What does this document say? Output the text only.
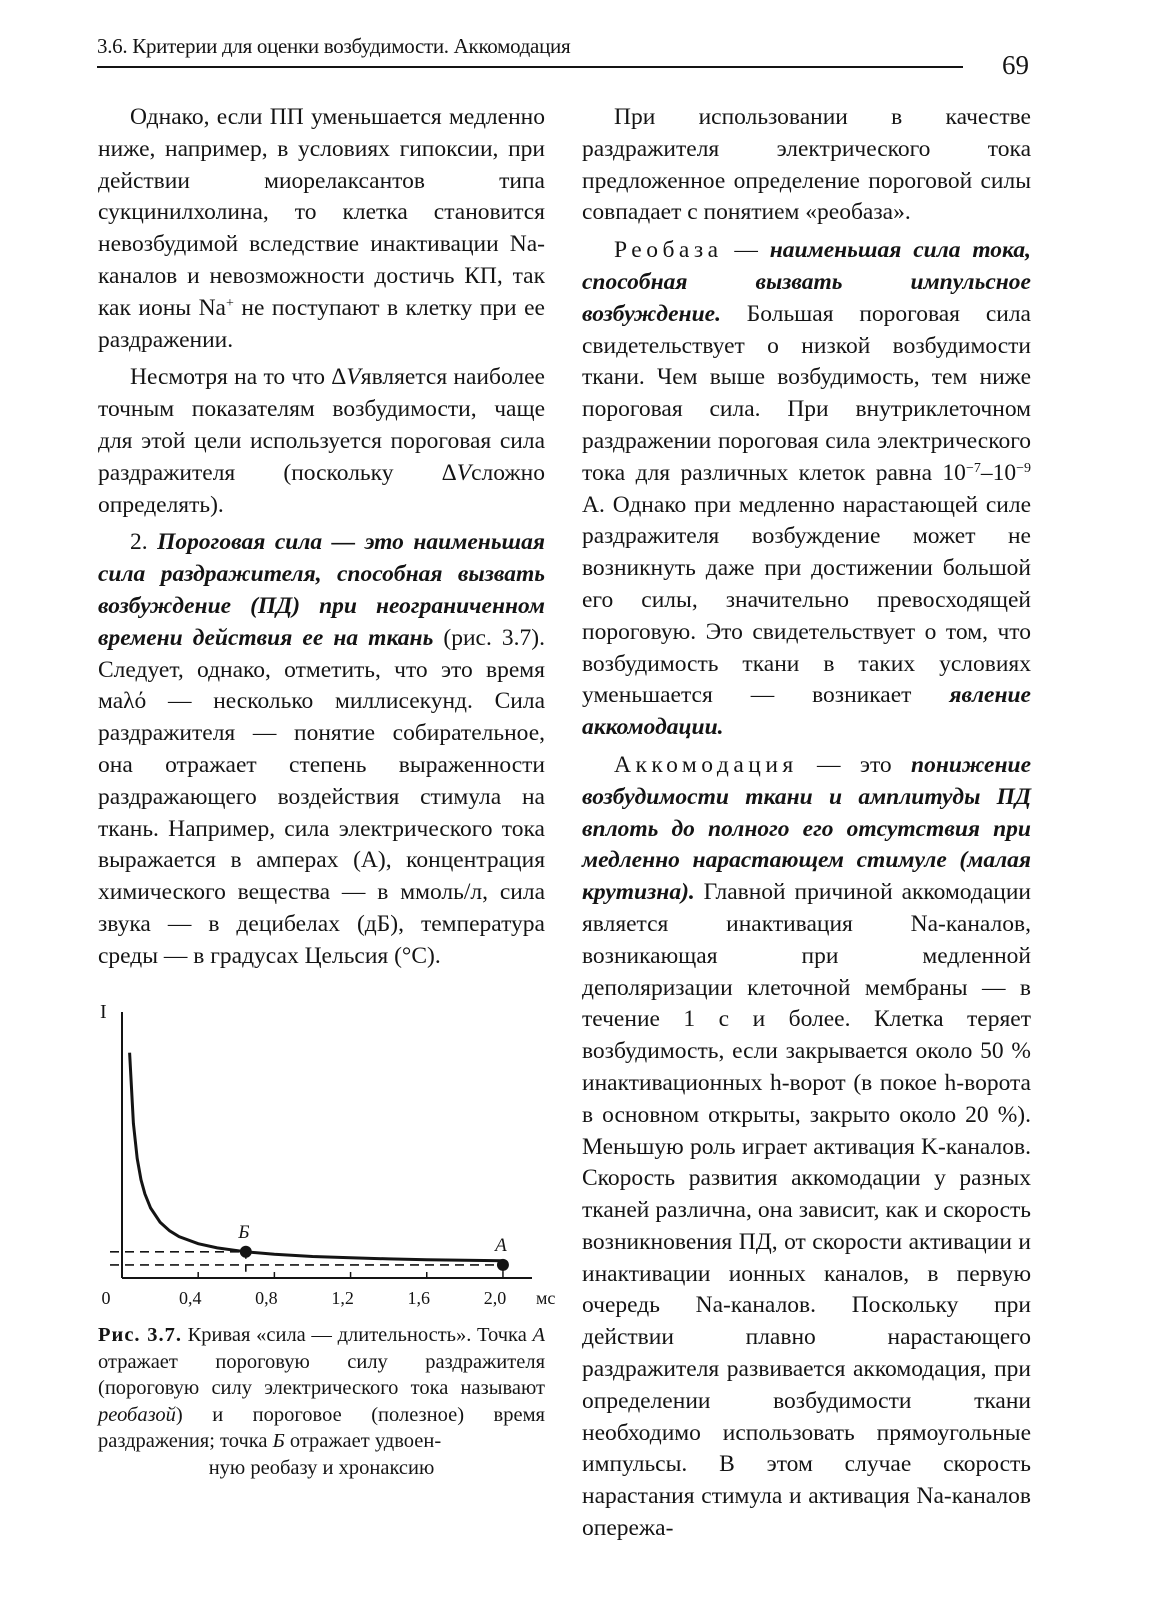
3.6. Критерии для оценки возбудимости. Аккомодация
69

Однако, если ПП уменьшается медленно ниже, например, в условиях гипоксии, при действии миорелаксантов типа сукцинилхолина, то клетка становится невозбудимой вследствие инактивации Na-каналов и невозможности достичь КП, так как ионы Na+ не поступают в клетку при ее раздражении.

Несмотря на то что ΔVявляется наиболее точным показателям возбудимости, чаще для этой цели используется пороговая сила раздражителя (поскольку ΔVсложно определять).

2. Пороговая сила — это наименьшая сила раздражителя, способная вызвать возбуждение (ПД) при неограниченном времени действия ее на ткань (рис. 3.7). Следует, однако, отметить, что это время маλό — несколько миллисекунд. Сила раздражителя — понятие собирательное, она отражает степень выраженности раздражающего воздействия стимула на ткань. Например, сила электрического тока выражается в амперах (А), концентрация химического вещества — в ммоль/л, сила звука — в децибелах (дБ), температура среды — в градусах Цельсия (°С).

I
мс
0	0,4	0,8	1,2	1,6	2,0
Б
А
Рис. 3.7. Кривая «сила — длительность». Точка А отражает пороговую силу раздражителя (пороговую силу электрического тока называют реобазой) и пороговое (полезное) время раздражения; точка Б отражает удвоен-
ную реобазу и хронаксию

При использовании в качестве раздражителя электрического тока предложенное определение пороговой силы совпадает с понятием «реобаза».

Реобаза — наименьшая сила тока, способная вызвать импульсное возбуждение. Большая пороговая сила свидетельствует о низкой возбудимости ткани. Чем выше возбудимость, тем ниже пороговая сила. При внутриклеточном раздражении пороговая сила электрического тока для различных клеток равна $10^{-7}-10^{-9}$ А. Однако при медленно нарастающей силе раздражителя возбуждение может не возникнуть даже при достижении большой его силы, значительно превосходящей пороговую. Это свидетельствует о том, что возбудимость ткани в таких условиях уменьшается — возникает явление аккомодации.

Аккомодация — это понижение возбудимости ткани и амплитуды ПД вплоть до полного его отсутствия при медленно нарастающем стимуле (малая крутизна). Главной причиной аккомодации является инактивация Na-каналов, возникающая при медленной деполяризации клеточной мембраны — в течение 1 с и более. Клетка теряет возбудимость, если закрывается около 50 % инактивационных h-ворот (в покое h-ворота в основном открыты, закрыто около 20 %). Меньшую роль играет активация K-каналов. Скорость развития аккомодации у разных тканей различна, она зависит, как и скорость возникновения ПД, от скорости активации и инактивации ионных каналов, в первую очередь Na-каналов. Поскольку при действии плавно нарастающего раздражителя развивается аккомодация, при определении возбудимости ткани необходимо использовать прямоугольные импульсы. В этом случае скорость нарастания стимула и активация Na-каналов опережа-
